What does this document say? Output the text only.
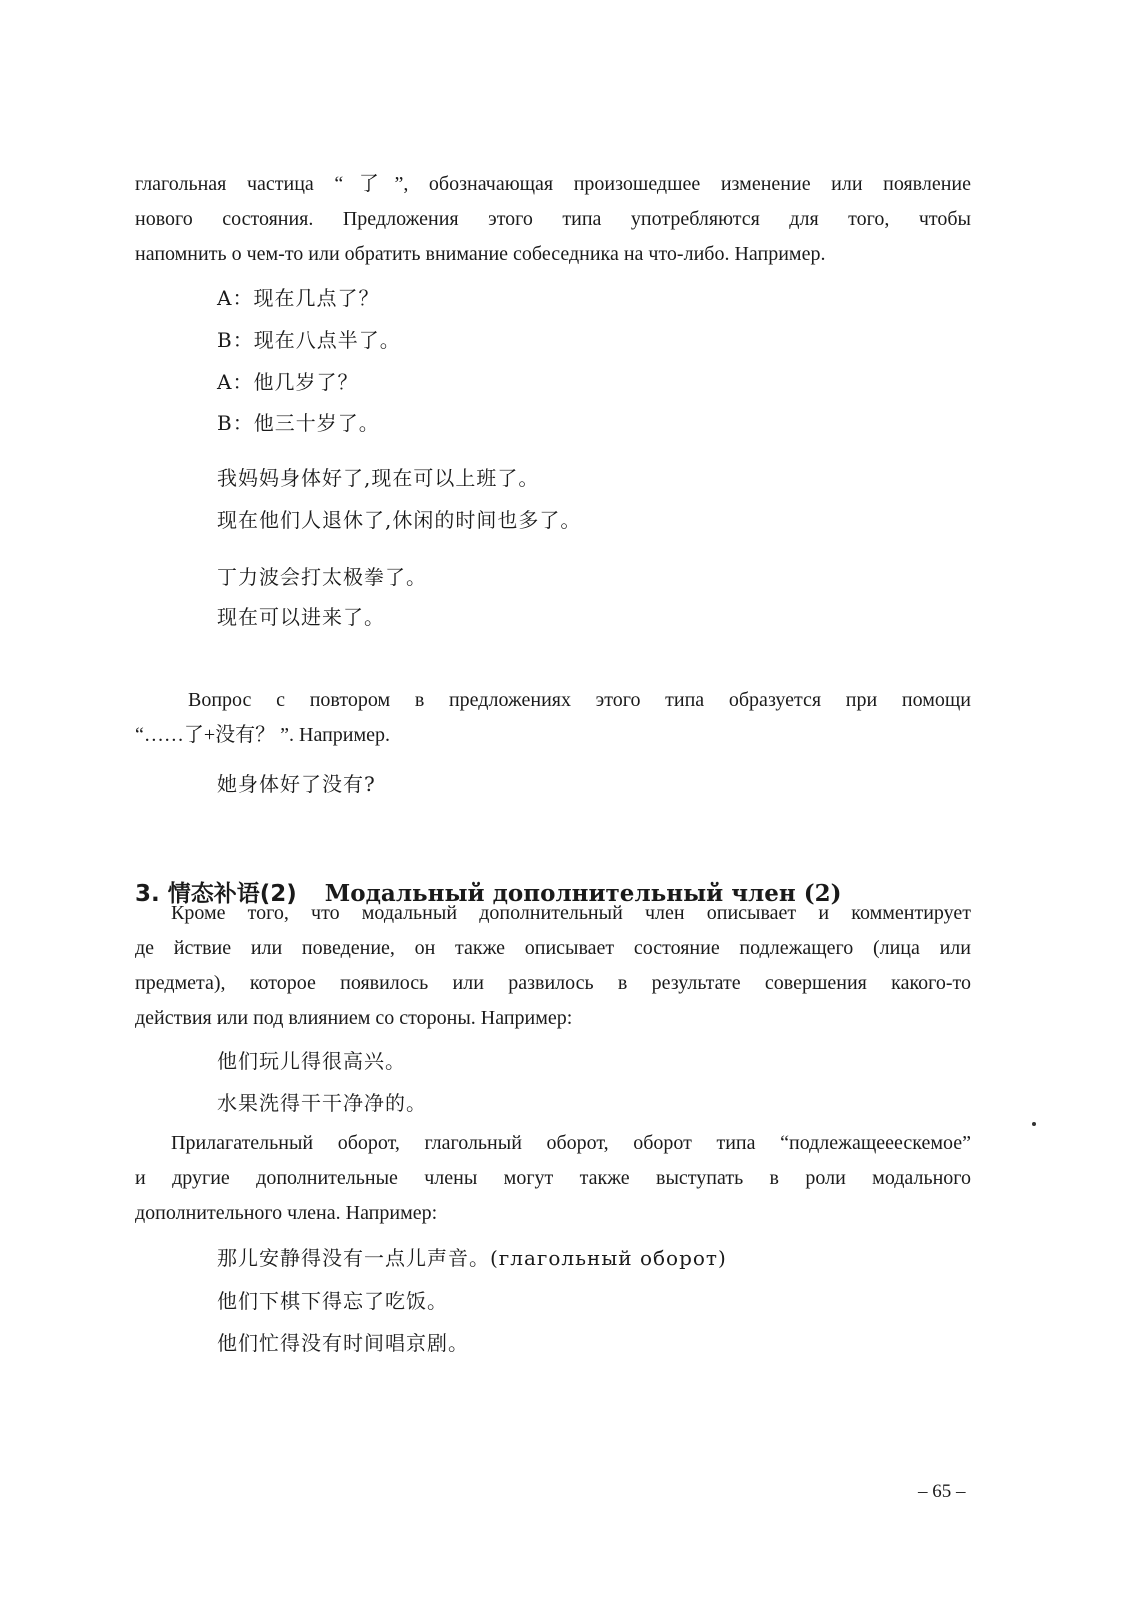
глагольная частица “了”, обозначающая произошедшее изменение или появление
нового состояния. Предложения этого типа употребляются для того, чтобы
напомнить о чем-то или обратить внимание собеседника на что-либо. Например.
A：现在几点了？
B：现在八点半了。
A：他几岁了？
B：他三十岁了。
我妈妈身体好了,现在可以上班了。
现在他们人退休了,休闲的时间也多了。
丁力波会打太极拳了。
现在可以进来了。
Вопрос с повтором в предложениях этого типа образуется при помощи
“……了+没有？ ”. Например.
她身体好了没有?
3. 情态补语(2) Модальный дополнительный член (2)
Кроме того, что модальный дополнительный член описывает и комментирует
де йствие или поведение, он также описывает состояние подлежащего (лица или
предмета), которое появилось или развилось в результате совершения какого-то
действия или под влиянием со стороны. Например:
他们玩儿得很高兴。
水果洗得干干净净的。
Прилагательный оборот, глагольный оборот, оборот типа “подлежащееескемое”
и другие дополнительные члены могут также выступать в роли модального
дополнительного члена. Например:
那儿安静得没有一点儿声音。(глагольный оборот)
他们下棋下得忘了吃饭。
他们忙得没有时间唱京剧。
– 65 –
